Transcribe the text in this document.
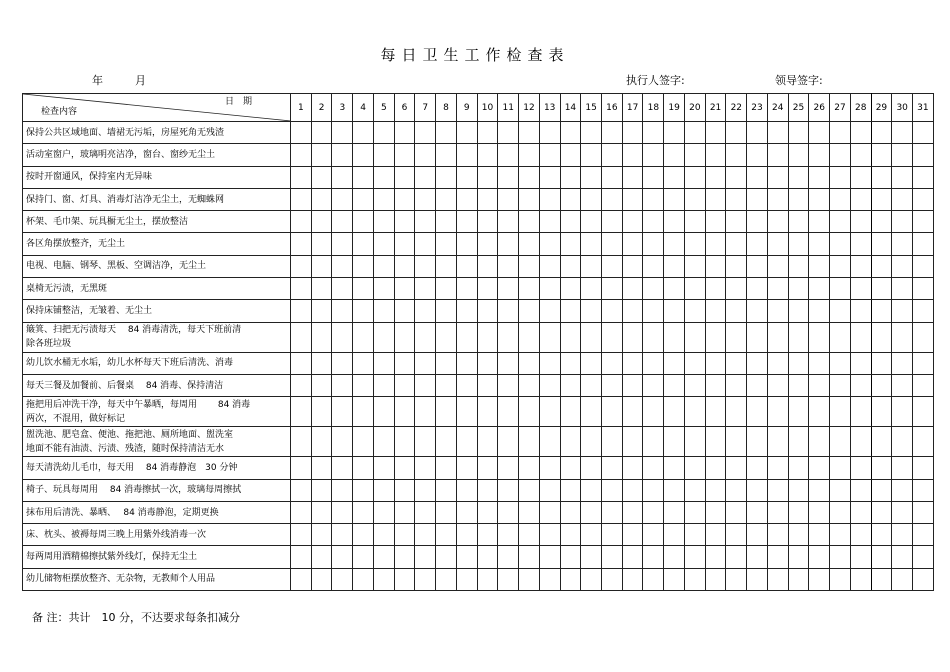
每日卫生工作检查表
年	月	执行人签字:	领导签字:
日　期
检查内容	1	2	3	4	5	6	7	8	9	10	11	12	13	14	15	16	17	18	19	20	21	22	23	24	25	26	27	28	29	30	31

保持公共区域地面、墙裙无污垢，房屋死角无残渣																															

活动室窗户，玻璃明亮洁净，窗台、窗纱无尘土																															

按时开窗通风，保持室内无异味																															

保持门、窗、灯具、消毒灯洁净无尘土，无蜘蛛网																															

杯架、毛巾架、玩具橱无尘土，摆放整洁																															

各区角摆放整齐，无尘土																															

电视、电脑、钢琴、黑板、空调洁净，无尘土																															

桌椅无污渍，无黑斑																															

保持床铺整洁，无皱着、无尘土																															

簸箕、扫把无污渍每天　 84 消毒清洗，每天下班前清
除各班垃圾																															

幼儿饮水桶无水垢，幼儿水杯每天下班后清洗、消毒																															

每天三餐及加餐前、后餐桌　 84 消毒、保持清洁																															

拖把用后冲洗干净，每天中午暴晒，每周用　　 84 消毒
两次，不混用，做好标记																															

盥洗池、肥皂盒、便池、拖把池、厕所地面、盥洗室
地面不能有油渍、污渍、残渣，随时保持清洁无水																															

每天清洗幼儿毛巾，每天用　 84 消毒静泡　30 分钟																															

椅子、玩具每周用　 84 消毒擦拭一次，玻璃每周擦拭																															

抹布用后清洗、暴晒、　 84 消毒静泡，定期更换																															

床、枕头、被褥每周三晚上用紫外线消毒一次																															

每两周用酒精棉擦拭紫外线灯，保持无尘土																															

幼儿储物柜摆放整齐、无杂物，无教师个人用品																															

备 注：共计　10 分，不达要求每条扣减分
